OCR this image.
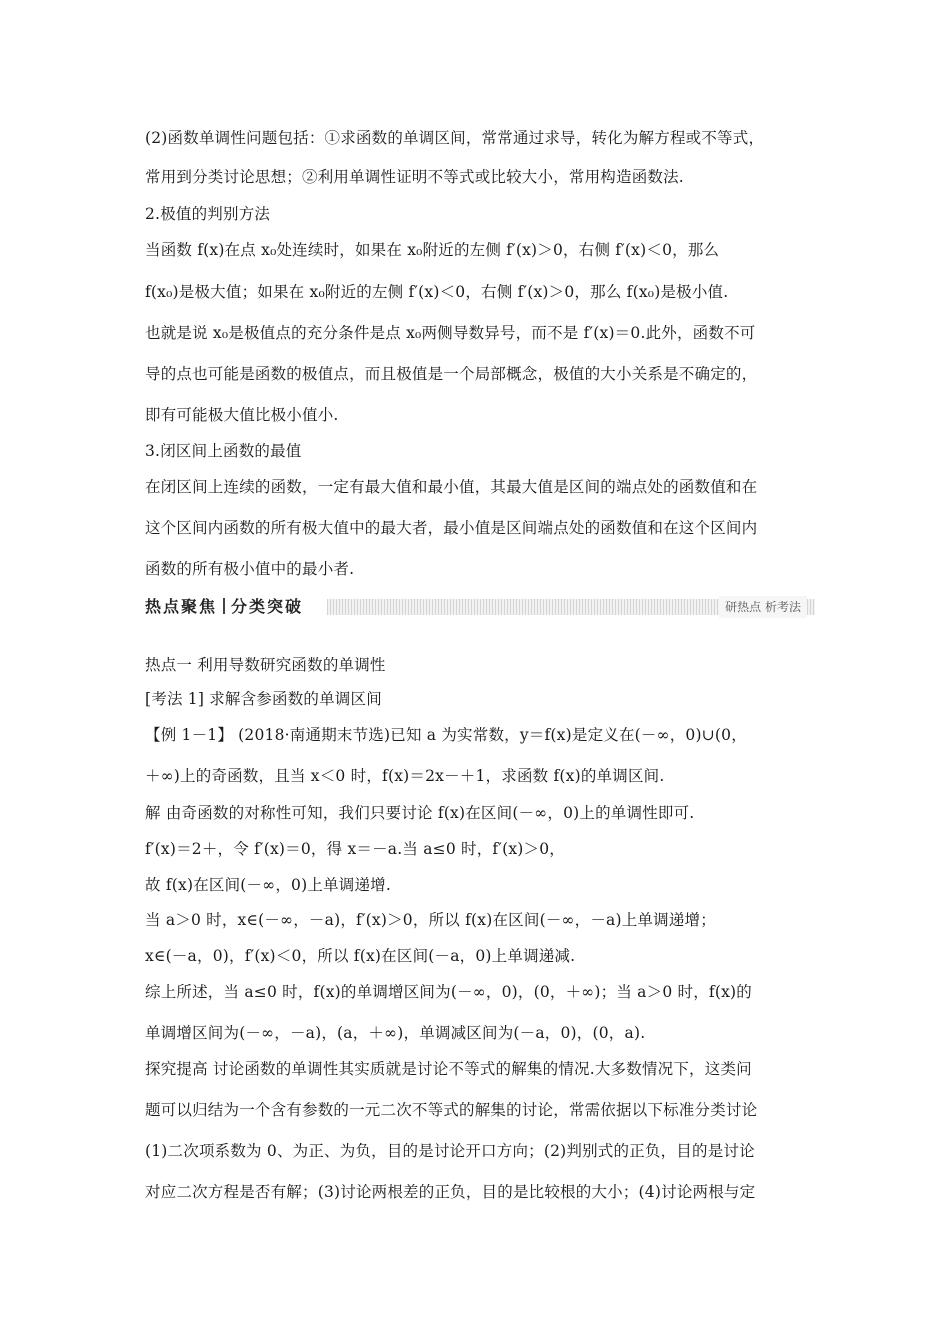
(2)函数单调性问题包括：①求函数的单调区间，常常通过求导，转化为解方程或不等式，
常用到分类讨论思想；②利用单调性证明不等式或比较大小，常用构造函数法.
2.极值的判别方法
当函数 f(x)在点 x₀处连续时，如果在 x₀附近的左侧 f′(x)＞0，右侧 f′(x)＜0，那么
f(x₀)是极大值；如果在 x₀附近的左侧 f′(x)＜0，右侧 f′(x)＞0，那么 f(x₀)是极小值.
也就是说 x₀是极值点的充分条件是点 x₀两侧导数异号，而不是 f′(x)＝0.此外，函数不可
导的点也可能是函数的极值点，而且极值是一个局部概念，极值的大小关系是不确定的，
即有可能极大值比极小值小.
3.闭区间上函数的最值
在闭区间上连续的函数，一定有最大值和最小值，其最大值是区间的端点处的函数值和在
这个区间内函数的所有极大值中的最大者，最小值是区间端点处的函数值和在这个区间内
函数的所有极小值中的最小者.
热点聚焦 分类突破	研热点 析考法
热点一 利用导数研究函数的单调性
[考法 1] 求解含参函数的单调区间
【例 1－1】 (2018·南通期末节选)已知 a 为实常数，y＝f(x)是定义在(－∞，0)∪(0，
＋∞)上的奇函数，且当 x＜0 时，f(x)＝2x－＋1，求函数 f(x)的单调区间.
解 由奇函数的对称性可知，我们只要讨论 f(x)在区间(－∞，0)上的单调性即可.
f′(x)＝2＋，令 f′(x)＝0，得 x＝－a.当 a≤0 时，f′(x)＞0，
故 f(x)在区间(－∞，0)上单调递增.
当 a＞0 时，x∈(－∞，－a)，f′(x)＞0，所以 f(x)在区间(－∞，－a)上单调递增；
x∈(－a，0)，f′(x)＜0，所以 f(x)在区间(－a，0)上单调递减.
综上所述，当 a≤0 时，f(x)的单调增区间为(－∞，0)，(0，＋∞)；当 a＞0 时，f(x)的
单调增区间为(－∞，－a)，(a，＋∞)，单调减区间为(－a，0)，(0，a).
探究提高 讨论函数的单调性其实质就是讨论不等式的解集的情况.大多数情况下，这类问
题可以归结为一个含有参数的一元二次不等式的解集的讨论，常需依据以下标准分类讨论
(1)二次项系数为 0、为正、为负，目的是讨论开口方向；(2)判别式的正负，目的是讨论
对应二次方程是否有解；(3)讨论两根差的正负，目的是比较根的大小；(4)讨论两根与定
